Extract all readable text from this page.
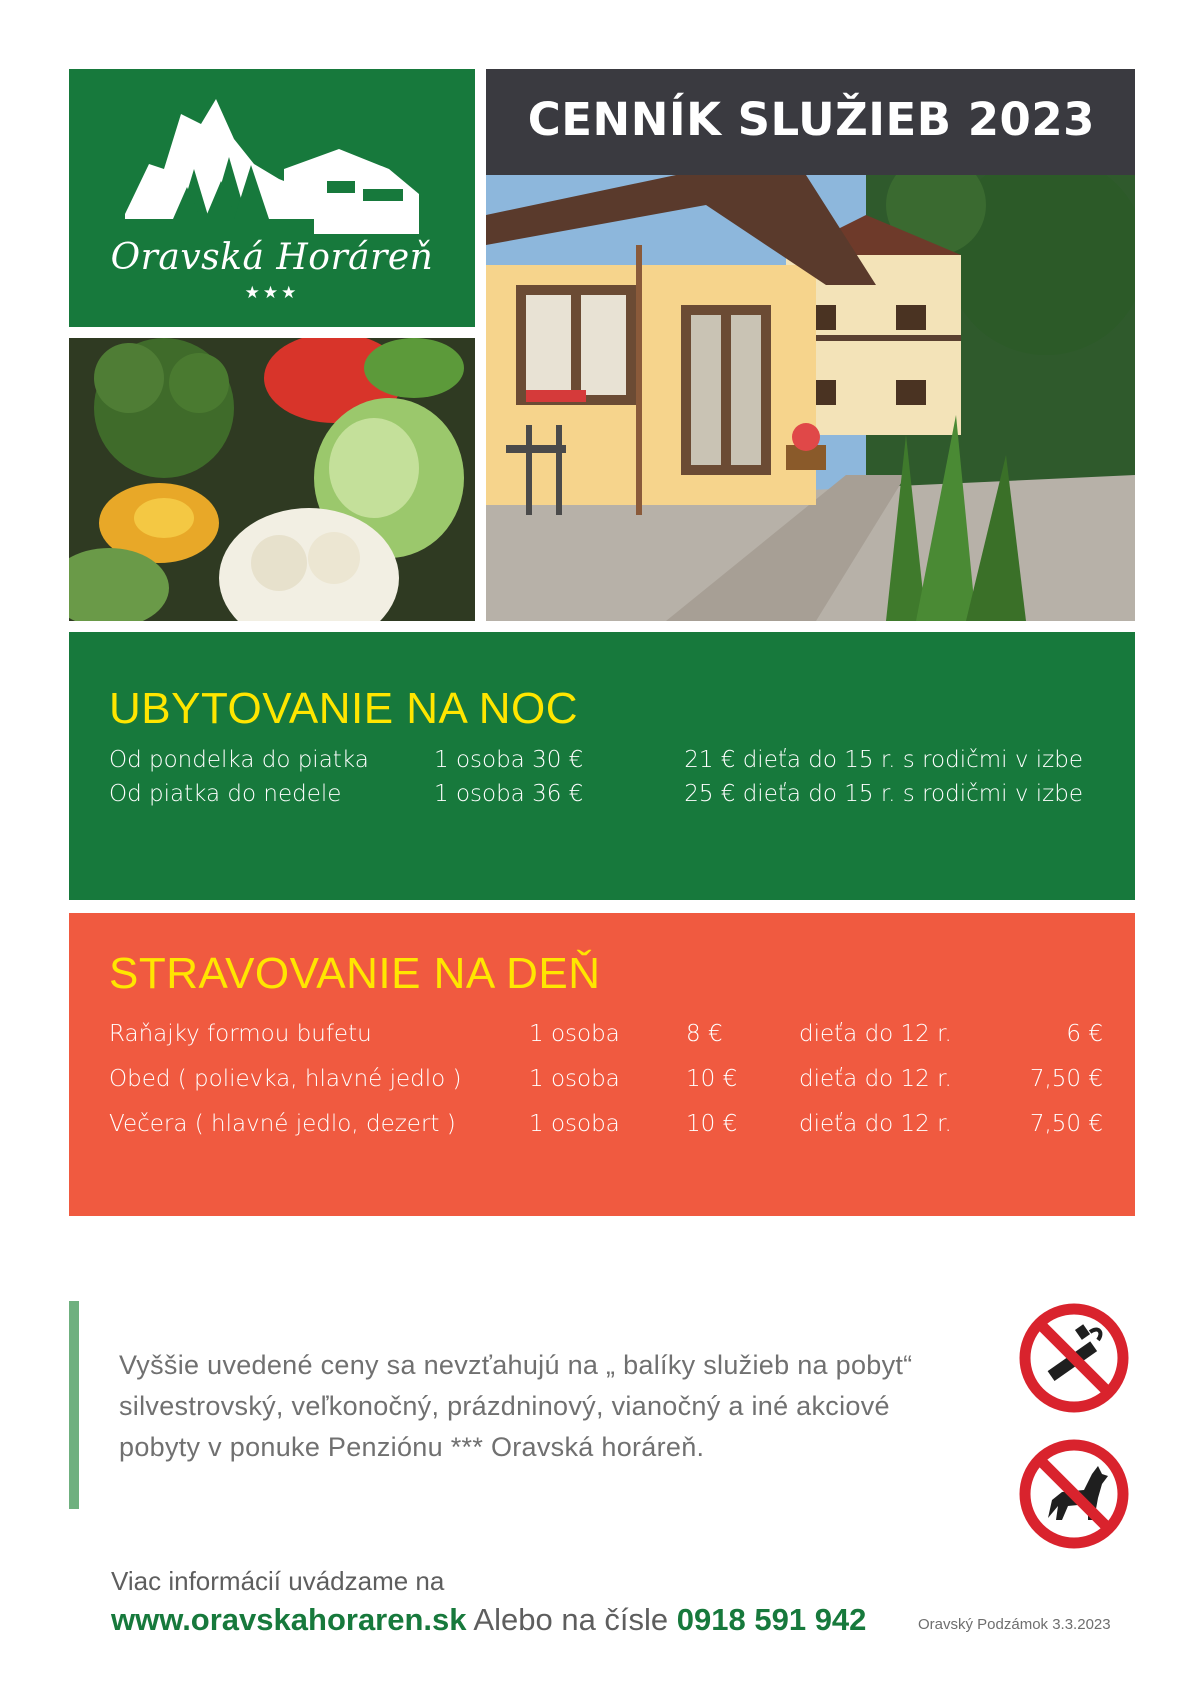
Oravská Horáreň
★★★
CENNÍK SLUŽIEB 2023
UBYTOVANIE NA NOC
Od pondelka do piatka	1 osoba 30 €	21 € dieťa do 15 r. s rodičmi v izbe
Od piatka do nedele	1 osoba 36 €	25 € dieťa do 15 r. s rodičmi v izbe
STRAVOVANIE NA DEŇ
Raňajky formou bufetu	1 osoba	8 €	dieťa do 12 r.	6 €
Obed ( polievka, hlavné jedlo )	1 osoba	10 €	dieťa do 12 r.	7,50 €
Večera ( hlavné jedlo, dezert )	1 osoba	10 €	dieťa do 12 r.	7,50 €
Vyššie uvedené ceny sa nevzťahujú na „ balíky služieb na pobyt“
silvestrovský, veľkonočný, prázdninový, vianočný a iné akciové
pobyty v ponuke Penziónu *** Oravská horáreň.
Viac informácií uvádzame na
www.oravskahoraren.sk Alebo na čísle 0918 591 942	Oravský Podzámok 3.3.2023
